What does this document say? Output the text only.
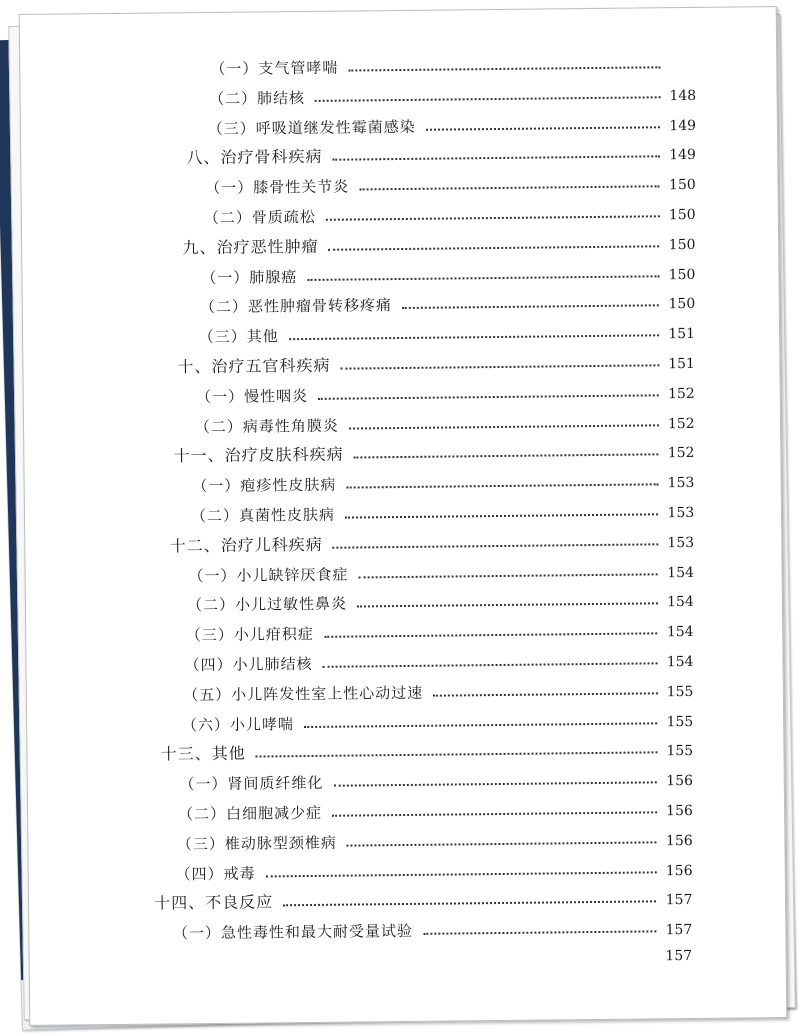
（一）支气管哮喘
（二）肺结核	148
（三）呼吸道继发性霉菌感染	149
八、治疗骨科疾病	149
（一）膝骨性关节炎	150
（二）骨质疏松	150
九、治疗恶性肿瘤	150
（一）肺腺癌	150
（二）恶性肿瘤骨转移疼痛	150
（三）其他	151
十、治疗五官科疾病	151
（一）慢性咽炎	152
（二）病毒性角膜炎	152
十一、治疗皮肤科疾病	152
（一）疱疹性皮肤病	153
（二）真菌性皮肤病	153
十二、治疗儿科疾病	153
（一）小儿缺锌厌食症	154
（二）小儿过敏性鼻炎	154
（三）小儿疳积症	154
（四）小儿肺结核	154
（五）小儿阵发性室上性心动过速	155
（六）小儿哮喘	155
十三、其他	155
（一）肾间质纤维化	156
（二）白细胞减少症	156
（三）椎动脉型颈椎病	156
（四）戒毒	156
十四、不良反应	157
（一）急性毒性和最大耐受量试验	157
157
